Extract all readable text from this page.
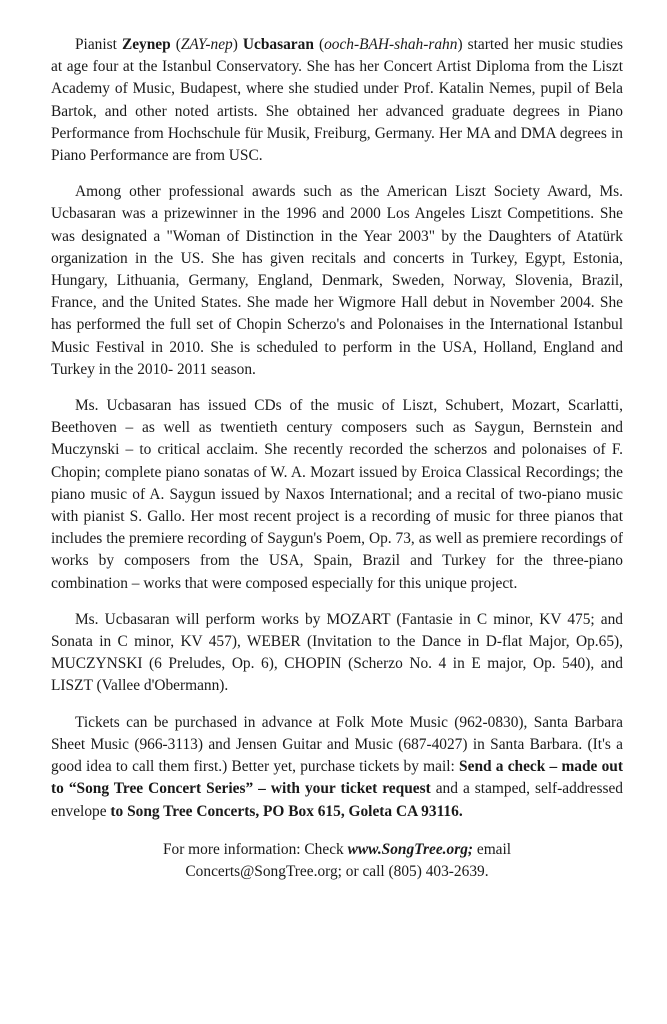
Pianist Zeynep (ZAY-nep) Ucbasaran (ooch-BAH-shah-rahn) started her music studies at age four at the Istanbul Conservatory. She has her Concert Artist Diploma from the Liszt Academy of Music, Budapest, where she studied under Prof. Katalin Nemes, pupil of Bela Bartok, and other noted artists. She obtained her advanced graduate degrees in Piano Performance from Hochschule für Musik, Freiburg, Germany. Her MA and DMA degrees in Piano Performance are from USC.

Among other professional awards such as the American Liszt Society Award, Ms. Ucbasaran was a prizewinner in the 1996 and 2000 Los Angeles Liszt Competitions. She was designated a "Woman of Distinction in the Year 2003" by the Daughters of Atatürk organization in the US. She has given recitals and concerts in Turkey, Egypt, Estonia, Hungary, Lithuania, Germany, England, Denmark, Sweden, Norway, Slovenia, Brazil, France, and the United States. She made her Wigmore Hall debut in November 2004. She has performed the full set of Chopin Scherzo's and Polonaises in the International Istanbul Music Festival in 2010. She is scheduled to perform in the USA, Holland, England and Turkey in the 2010- 2011 season.

Ms. Ucbasaran has issued CDs of the music of Liszt, Schubert, Mozart, Scarlatti, Beethoven – as well as twentieth century composers such as Saygun, Bernstein and Muczynski – to critical acclaim. She recently recorded the scherzos and polonaises of F. Chopin; complete piano sonatas of W. A. Mozart issued by Eroica Classical Recordings; the piano music of A. Saygun issued by Naxos International; and a recital of two-piano music with pianist S. Gallo. Her most recent project is a recording of music for three pianos that includes the premiere recording of Saygun's Poem, Op. 73, as well as premiere recordings of works by composers from the USA, Spain, Brazil and Turkey for the three-piano combination – works that were composed especially for this unique project.

Ms. Ucbasaran will perform works by MOZART (Fantasie in C minor, KV 475; and Sonata in C minor, KV 457), WEBER (Invitation to the Dance in D-flat Major, Op.65), MUCZYNSKI (6 Preludes, Op. 6), CHOPIN (Scherzo No. 4 in E major, Op. 540), and LISZT (Vallee d'Obermann).

Tickets can be purchased in advance at Folk Mote Music (962-0830), Santa Barbara Sheet Music (966-3113) and Jensen Guitar and Music (687-4027) in Santa Barbara. (It's a good idea to call them first.) Better yet, purchase tickets by mail: Send a check – made out to “Song Tree Concert Series” – with your ticket request and a stamped, self-addressed envelope to Song Tree Concerts, PO Box 615, Goleta CA 93116.

For more information: Check www.SongTree.org; email
Concerts@SongTree.org; or call (805) 403-2639.
